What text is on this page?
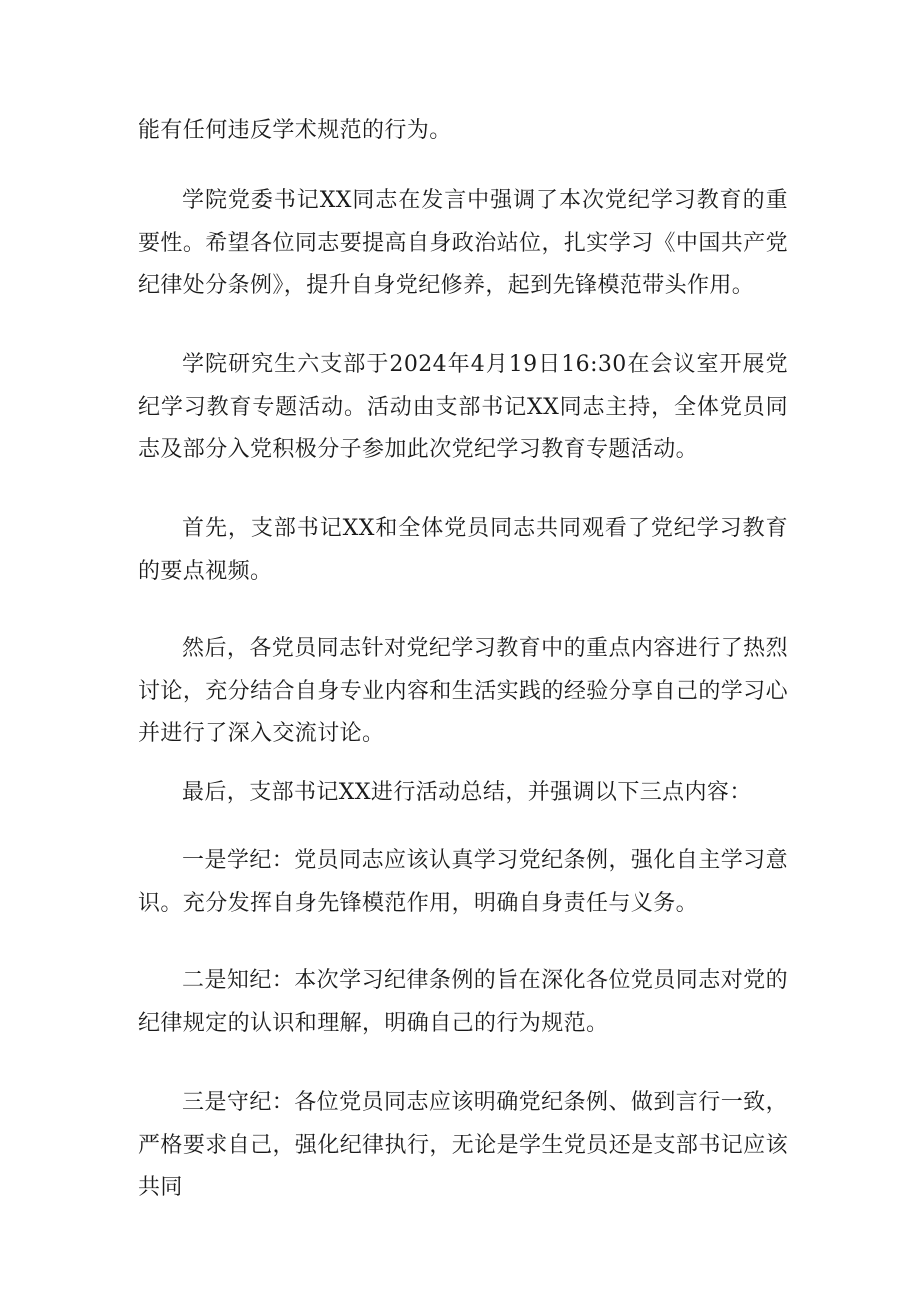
能有任何违反学术规范的行为。

学院党委书记XX同志在发言中强调了本次党纪学习教育的重要性。希望各位同志要提高自身政治站位，扎实学习《中国共产党纪律处分条例》，提升自身党纪修养，起到先锋模范带头作用。

学院研究生六支部于2024年4月19日16:30在会议室开展党纪学习教育专题活动。活动由支部书记XX同志主持，全体党员同志及部分入党积极分子参加此次党纪学习教育专题活动。

首先，支部书记XX和全体党员同志共同观看了党纪学习教育的要点视频。

然后，各党员同志针对党纪学习教育中的重点内容进行了热烈讨论，充分结合自身专业内容和生活实践的经验分享自己的学习心并进行了深入交流讨论。

最后，支部书记XX进行活动总结，并强调以下三点内容：

一是学纪：党员同志应该认真学习党纪条例，强化自主学习意识。充分发挥自身先锋模范作用，明确自身责任与义务。

二是知纪：本次学习纪律条例的旨在深化各位党员同志对党的纪律规定的认识和理解，明确自己的行为规范。

三是守纪：各位党员同志应该明确党纪条例、做到言行一致，严格要求自己，强化纪律执行，无论是学生党员还是支部书记应该共同
